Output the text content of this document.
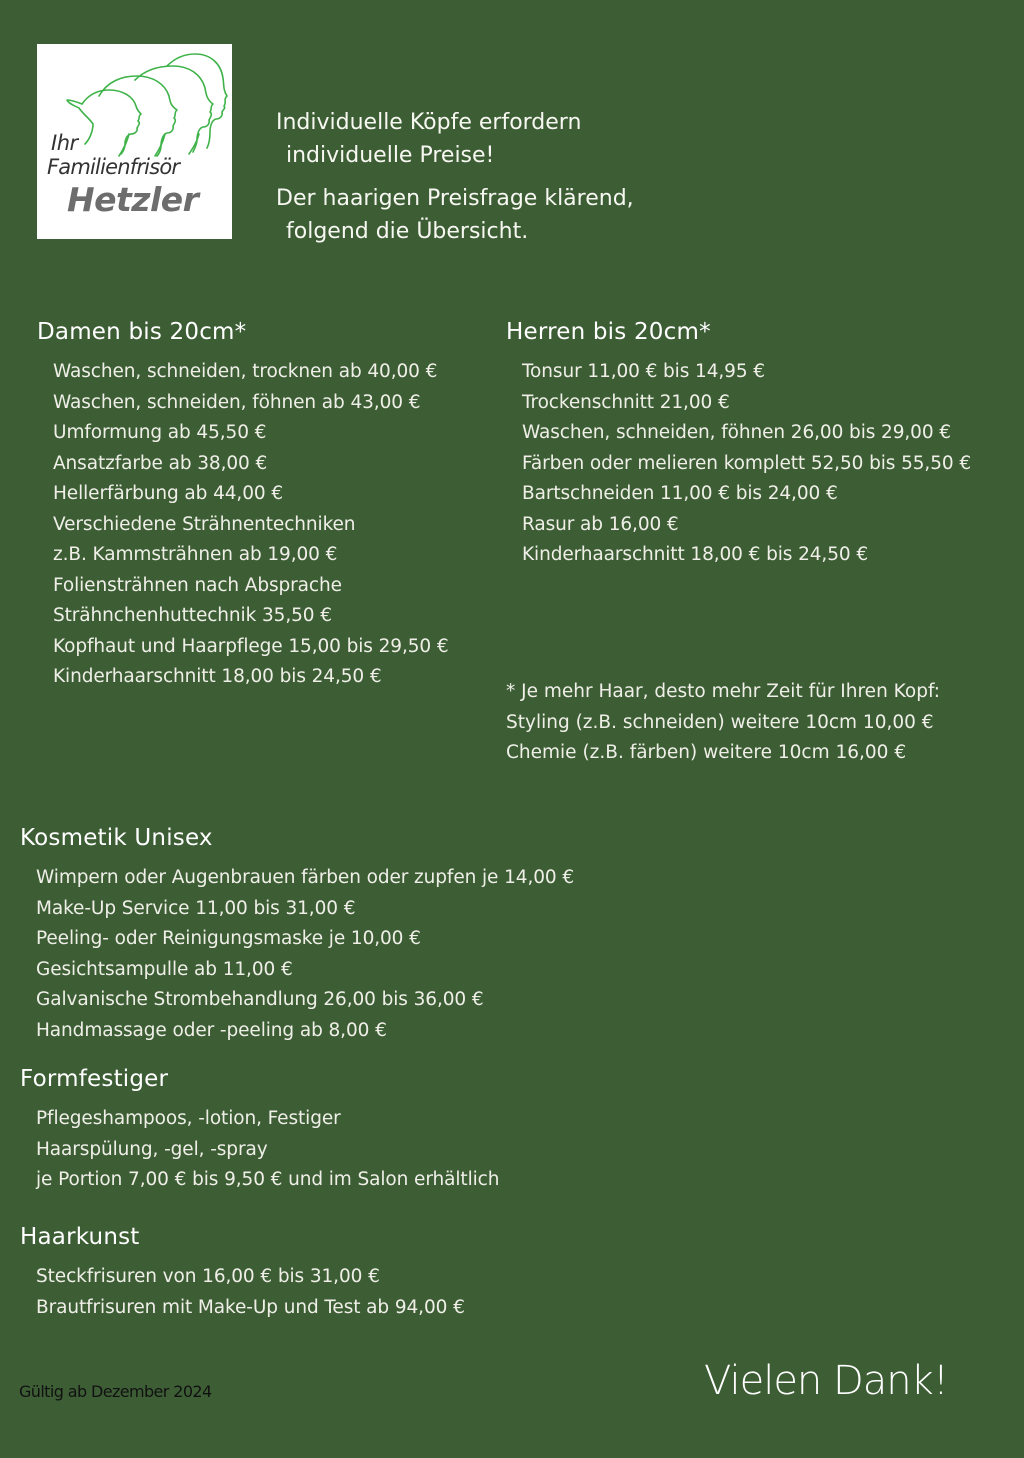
Ihr
Familienfrisör
Hetzler
Individuelle Köpfe erfordern
individuelle Preise!
Der haarigen Preisfrage klärend,
folgend die Übersicht.
Damen bis 20cm*
Waschen, schneiden, trocknen ab 40,00 €
Waschen, schneiden, föhnen ab 43,00 €
Umformung ab 45,50 €
Ansatzfarbe ab 38,00 €
Hellerfärbung ab 44,00 €
Verschiedene Strähnentechniken
z.B. Kammsträhnen ab 19,00 €
Foliensträhnen nach Absprache
Strähnchenhuttechnik 35,50 €
Kopfhaut und Haarpflege 15,00 bis 29,50 €
Kinderhaarschnitt 18,00 bis 24,50 €
Herren bis 20cm*
Tonsur 11,00 € bis 14,95 €
Trockenschnitt 21,00 €
Waschen, schneiden, föhnen 26,00 bis 29,00 €
Färben oder melieren komplett 52,50 bis 55,50 €
Bartschneiden 11,00 € bis 24,00 €
Rasur ab 16,00 €
Kinderhaarschnitt 18,00 € bis 24,50 €
* Je mehr Haar, desto mehr Zeit für Ihren Kopf:
Styling (z.B. schneiden) weitere 10cm 10,00 €
Chemie (z.B. färben) weitere 10cm 16,00 €
Kosmetik Unisex
Wimpern oder Augenbrauen färben oder zupfen je 14,00 €
Make-Up Service 11,00 bis 31,00 €
Peeling- oder Reinigungsmaske je 10,00 €
Gesichtsampulle ab 11,00 €
Galvanische Strombehandlung 26,00 bis 36,00 €
Handmassage oder -peeling ab 8,00 €
Formfestiger
Pflegeshampoos, -lotion, Festiger
Haarspülung, -gel, -spray
je Portion 7,00 € bis 9,50 € und im Salon erhältlich
Haarkunst
Steckfrisuren von 16,00 € bis 31,00 €
Brautfrisuren mit Make-Up und Test ab 94,00 €
Gültig ab Dezember 2024	Vielen Dank!
